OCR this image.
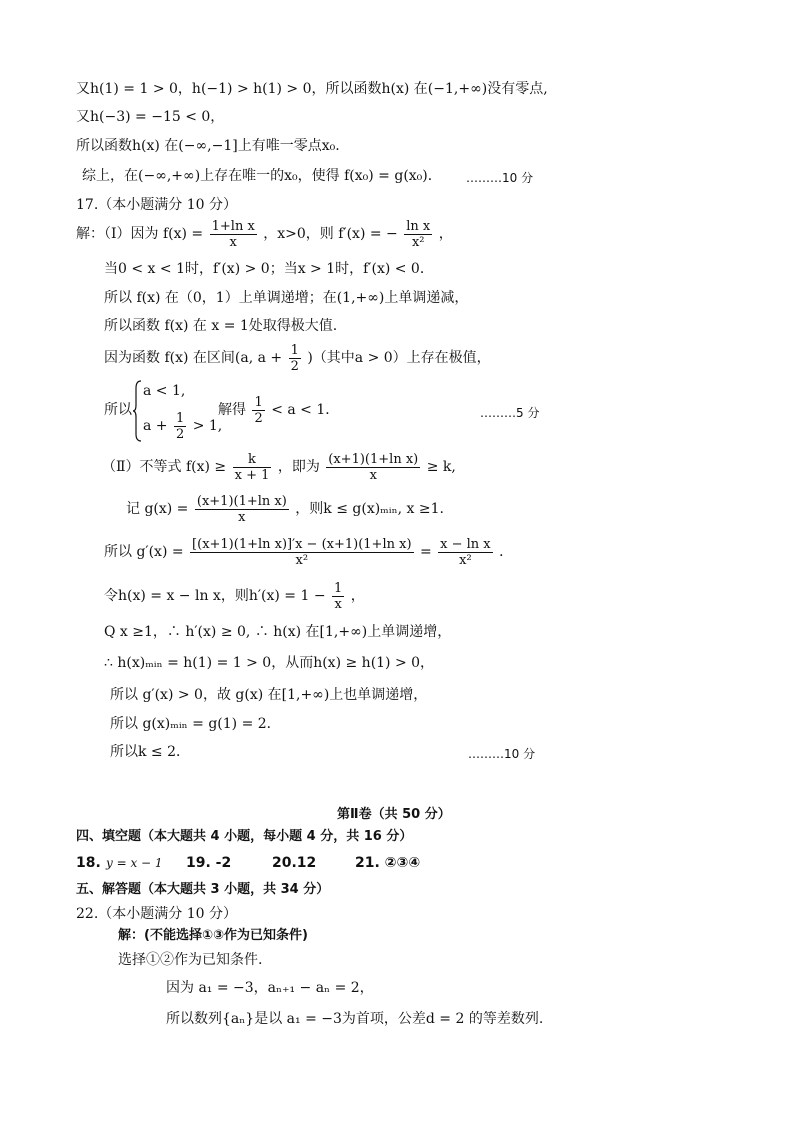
又h(1) = 1 > 0，h(−1) > h(1) > 0，所以函数h(x) 在(−1,+∞)没有零点,
又h(−3) = −15 < 0，
所以函数h(x) 在(−∞,−1]上有唯一零点x₀.
综上，在(−∞,+∞)上存在唯一的x₀，使得 f(x₀) = g(x₀)． ………10 分
17.（本小题满分 10 分）
解：（Ⅰ）因为 $f(x) = \frac{\text{1+ln x}}{x}$ ，x>0，则 f′(x) = − $\frac{\text{ln x}}{\text{x²}}$ ，
当0 < x < 1时，f′(x) > 0；当x > 1时，f′(x) < 0．
所以 f(x) 在（0，1）上单调递增；在(1,+∞)上单调递减，
所以函数 f(x) 在 x = 1处取得极大值.
因为函数 f(x) 在区间(a, $a + \frac{1}{2}$ )（其中a > 0）上存在极值，
所以
a < 1,
$a + \frac{1}{2} > 1$,
解得 $\frac{1}{2} < a < 1$．	………5 分
（Ⅱ）不等式 $f(x) \ge \frac{k}{x + 1}$ ，即为 $\frac{\text{(x+1)(1+ln x)}}{x} \ge k$,
记 $g(x) = \frac{\text{(x+1)(1+ln x)}}{x}$ ，则k ≤ g(x)ₘᵢₙ, x ≥1.
所以 $g'(x) = \frac{\text{[(x+1)(1+ln x)]′x − (x+1)(1+ln x)}}{\text{x²}} = \frac{\text{x − ln x}}{\text{x²}}$ ．
令h(x) = x − ln x，则$h'(x) = 1 - \frac{1}{x}$ ，
Q x ≥1，∴ h′(x) ≥ 0, ∴ h(x) 在[1,+∞)上单调递增，
∴ h(x)ₘᵢₙ = h(1) = 1 > 0，从而h(x) ≥ h(1) > 0，
所以 g′(x) > 0，故 g(x) 在[1,+∞)上也单调递增，
所以 g(x)ₘᵢₙ = g(1) = 2．
所以k ≤ 2．	………10 分
第Ⅱ卷（共 50 分）
四、填空题（本大题共 4 小题，每小题 4 分，共 16 分）
18. y = x − 1 19. -2	20.12	21. ②③④
五、解答题（本大题共 3 小题，共 34 分）
22.（本小题满分 10 分）
解：(不能选择①③作为已知条件)
选择①②作为已知条件.
因为 a₁ = −3，aₙ₊₁ − aₙ = 2，
所以数列{aₙ}是以 a₁ = −3为首项，公差d = 2 的等差数列.
